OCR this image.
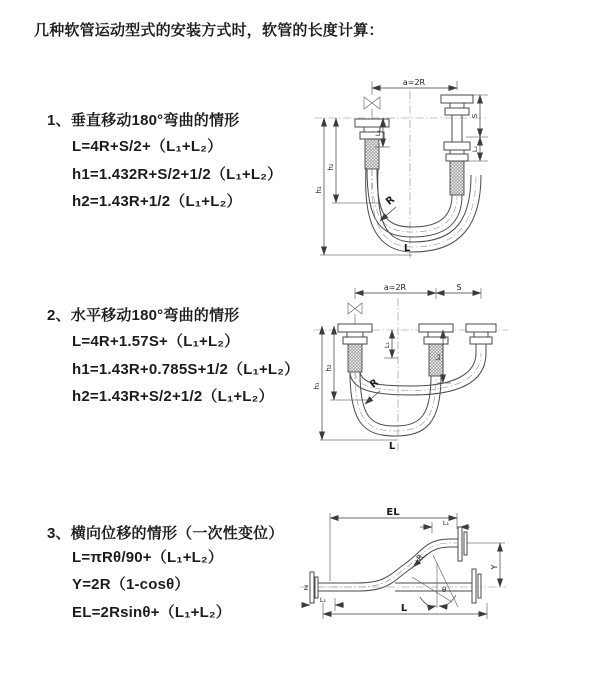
几种软管运动型式的安装方式时，软管的长度计算：

1、垂直移动180°弯曲的情形

L=4R+S/2+（L₁+L₂）

h1=1.432R+S/2+1/2（L₁+L₂）

h2=1.43R+1/2（L₁+L₂）

2、水平移动180°弯曲的情形

L=4R+1.57S+（L₁+L₂）

h1=1.43R+0.785S+1/2（L₁+L₂）

h2=1.43R+S/2+1/2（L₁+L₂）

3、横向位移的情形（一次性变位）

L=πRθ/90+（L₁+L₂）

Y=2R（1-cosθ）

EL=2Rsinθ+（L₁+L₂）

a=2R
h₁
h₂
L₁
S
L₂
R
L
a=2R	S
h₁
h₂
L₁
L₂
R
L
EL
L₁
Y
θ
R
z
L
L₁
